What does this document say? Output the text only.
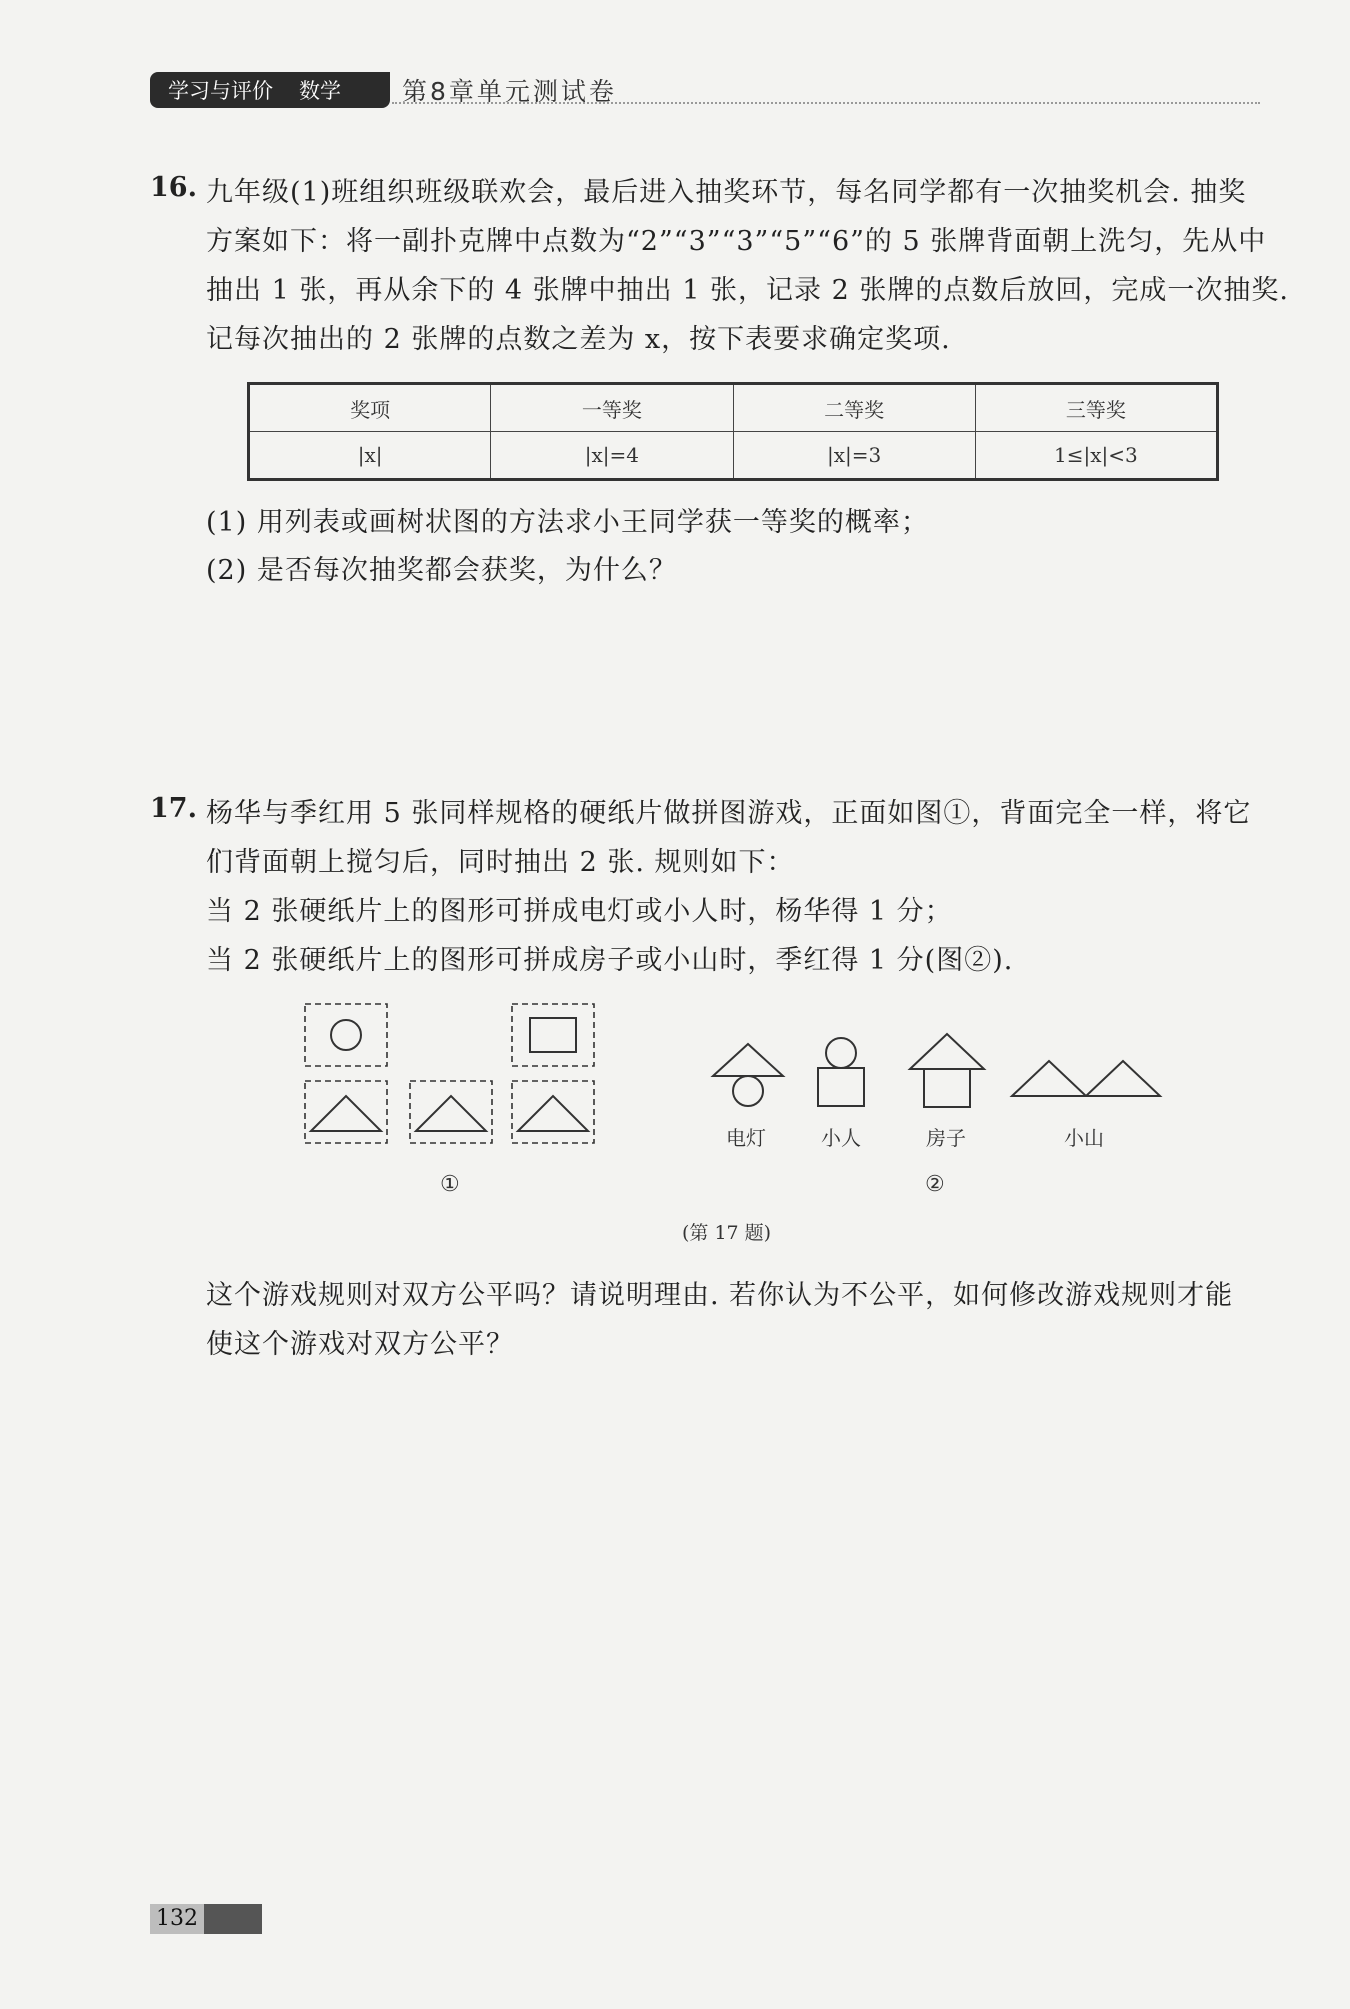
学习与评价 数学 第8章单元测试卷
16. 九年级(1)班组织班级联欢会，最后进入抽奖环节，每名同学都有一次抽奖机会. 抽奖
方案如下：将一副扑克牌中点数为“2”“3”“3”“5”“6”的 5 张牌背面朝上洗匀，先从中
抽出 1 张，再从余下的 4 张牌中抽出 1 张，记录 2 张牌的点数后放回，完成一次抽奖.
记每次抽出的 2 张牌的点数之差为 x，按下表要求确定奖项.
奖项	一等奖	二等奖	三等奖
|x|	|x|=4	|x|=3	1≤|x|<3
(1) 用列表或画树状图的方法求小王同学获一等奖的概率；
(2) 是否每次抽奖都会获奖，为什么？
17. 杨华与季红用 5 张同样规格的硬纸片做拼图游戏，正面如图①，背面完全一样，将它
们背面朝上搅匀后，同时抽出 2 张. 规则如下：
当 2 张硬纸片上的图形可拼成电灯或小人时，杨华得 1 分；
当 2 张硬纸片上的图形可拼成房子或小山时，季红得 1 分(图②).
电灯	小人	房子	小山
①	②
(第 17 题)
这个游戏规则对双方公平吗？请说明理由. 若你认为不公平，如何修改游戏规则才能
使这个游戏对双方公平？
132
